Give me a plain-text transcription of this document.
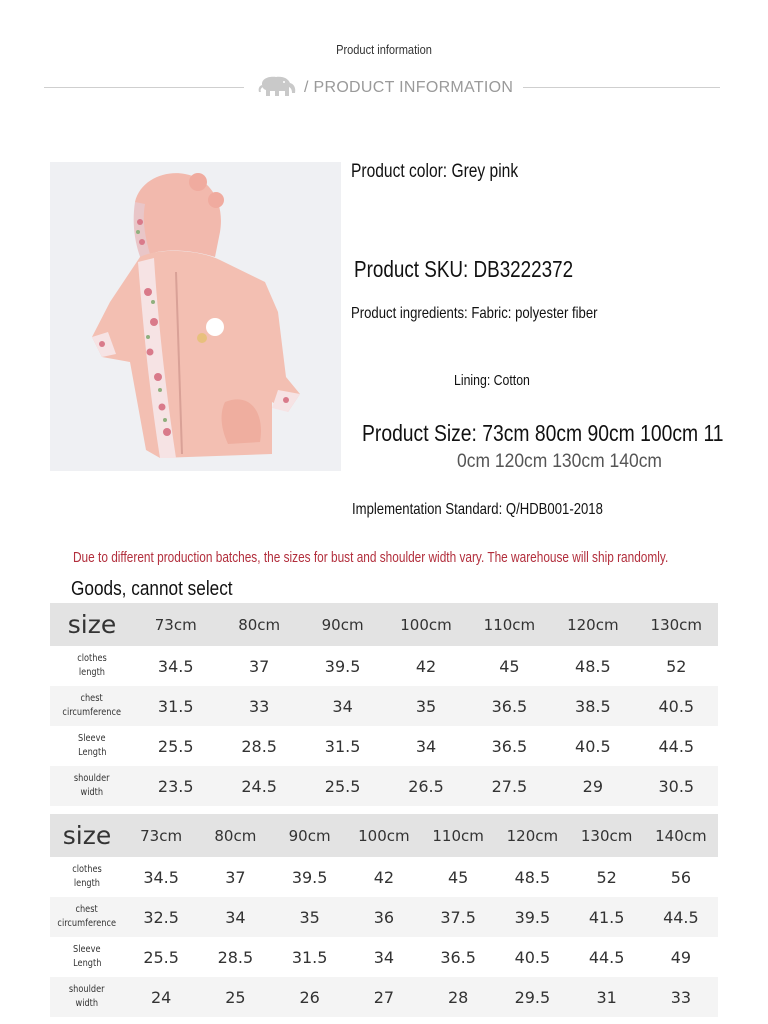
Product information
/ PRODUCT INFORMATION
Product color: Grey pink
Product SKU: DB3222372
Product ingredients: Fabric: polyester fiber
Lining: Cotton
Product Size: 73cm 80cm 90cm 100cm 11
0cm 120cm 130cm 140cm
Implementation Standard: Q/HDB001-2018
Due to different production batches, the sizes for bust and shoulder width vary. The warehouse will ship randomly.
Goods, cannot select
size	73cm	80cm	90cm	100cm	110cm	120cm	130cm
clothes
length	34.5	37	39.5	42	45	48.5	52
chest
circumference	31.5	33	34	35	36.5	38.5	40.5
Sleeve
Length	25.5	28.5	31.5	34	36.5	40.5	44.5
shoulder
width	23.5	24.5	25.5	26.5	27.5	29	30.5
size	73cm	80cm	90cm	100cm	110cm	120cm	130cm	140cm
clothes
length	34.5	37	39.5	42	45	48.5	52	56
chest
circumference	32.5	34	35	36	37.5	39.5	41.5	44.5
Sleeve
Length	25.5	28.5	31.5	34	36.5	40.5	44.5	49
shoulder
width	24	25	26	27	28	29.5	31	33
